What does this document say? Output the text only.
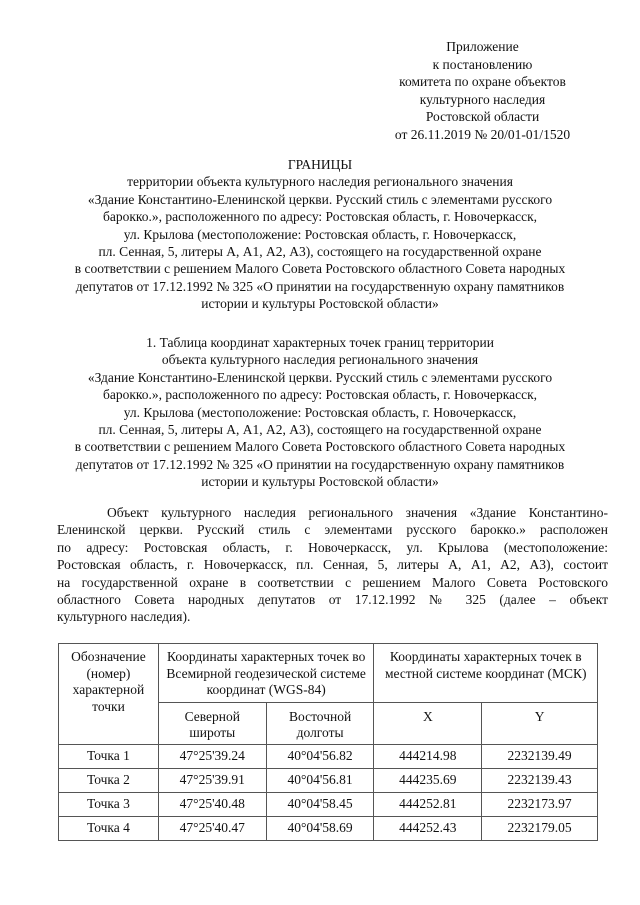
Приложение
к постановлению
комитета по охране объектов
культурного наследия
Ростовской области
от 26.11.2019 № 20/01-01/1520
ГРАНИЦЫ
территории объекта культурного наследия регионального значения
«Здание Константино-Еленинской церкви. Русский стиль с элементами русского
барокко.», расположенного по адресу: Ростовская область, г. Новочеркасск,
ул. Крылова (местоположение: Ростовская область, г. Новочеркасск,
пл. Сенная, 5, литеры А, А1, А2, А3), состоящего на государственной охране
в соответствии с решением Малого Совета Ростовского областного Совета народных
депутатов от 17.12.1992 № 325 «О принятии на государственную охрану памятников
истории и культуры Ростовской области»
1. Таблица координат характерных точек границ территории
объекта культурного наследия регионального значения
«Здание Константино-Еленинской церкви. Русский стиль с элементами русского
барокко.», расположенного по адресу: Ростовская область, г. Новочеркасск,
ул. Крылова (местоположение: Ростовская область, г. Новочеркасск,
пл. Сенная, 5, литеры А, А1, А2, А3), состоящего на государственной охране
в соответствии с решением Малого Совета Ростовского областного Совета народных
депутатов от 17.12.1992 № 325 «О принятии на государственную охрану памятников
истории и культуры Ростовской области»
Объект культурного наследия регионального значения «Здание Константино-
Еленинской церкви. Русский стиль с элементами русского барокко.» расположен
по адресу: Ростовская область, г. Новочеркасск, ул. Крылова (местоположение:
Ростовская область, г. Новочеркасск, пл. Сенная, 5, литеры А, А1, А2, А3), состоит
на государственной охране в соответствии с решением Малого Совета Ростовского
областного Совета народных депутатов от 17.12.1992 № 325 (далее – объект
культурного наследия).
Обозначение (номер) характерной точки	Координаты характерных точек во Всемирной геодезической системе координат (WGS-84)		Координаты характерных точек в местной системе координат (МСК)	
	Северной широты	Восточной долготы	X	Y
Точка 1	47°25'39.24	40°04'56.82	444214.98	2232139.49
Точка 2	47°25'39.91	40°04'56.81	444235.69	2232139.43
Точка 3	47°25'40.48	40°04'58.45	444252.81	2232173.97
Точка 4	47°25'40.47	40°04'58.69	444252.43	2232179.05
